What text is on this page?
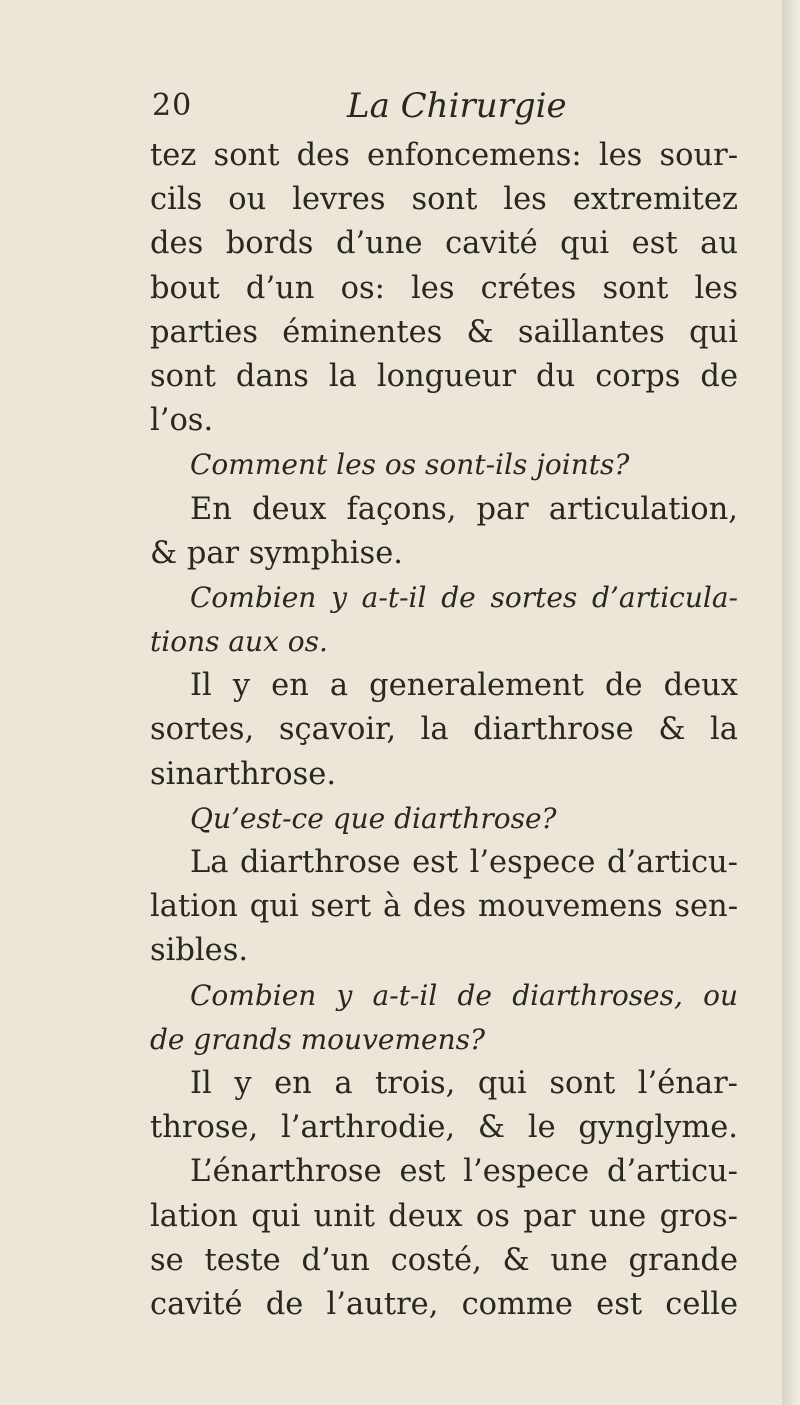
20	La Chirurgie
tez sont des enfoncemens: les sour-
cils ou levres sont les extremitez
des bords d’une cavité qui est au
bout d’un os: les crétes sont les
parties éminentes & saillantes qui
sont dans la longueur du corps de
l’os.
Comment les os sont-ils joints?
En deux façons, par articulation,
& par symphise.
Combien y a-t-il de sortes d’articula-
tions aux os.
Il y en a generalement de deux
sortes, sçavoir, la diarthrose & la
sinarthrose.
Qu’est-ce que diarthrose?
La diarthrose est l’espece d’articu-
lation qui sert à des mouvemens sen-
sibles.
Combien y a-t-il de diarthroses, ou
de grands mouvemens?
Il y en a trois, qui sont l’énar-
throse, l’arthrodie, & le gynglyme.
L’énarthrose est l’espece d’articu-
lation qui unit deux os par une gros-
se teste d’un costé, & une grande
cavité de l’autre, comme est celle
